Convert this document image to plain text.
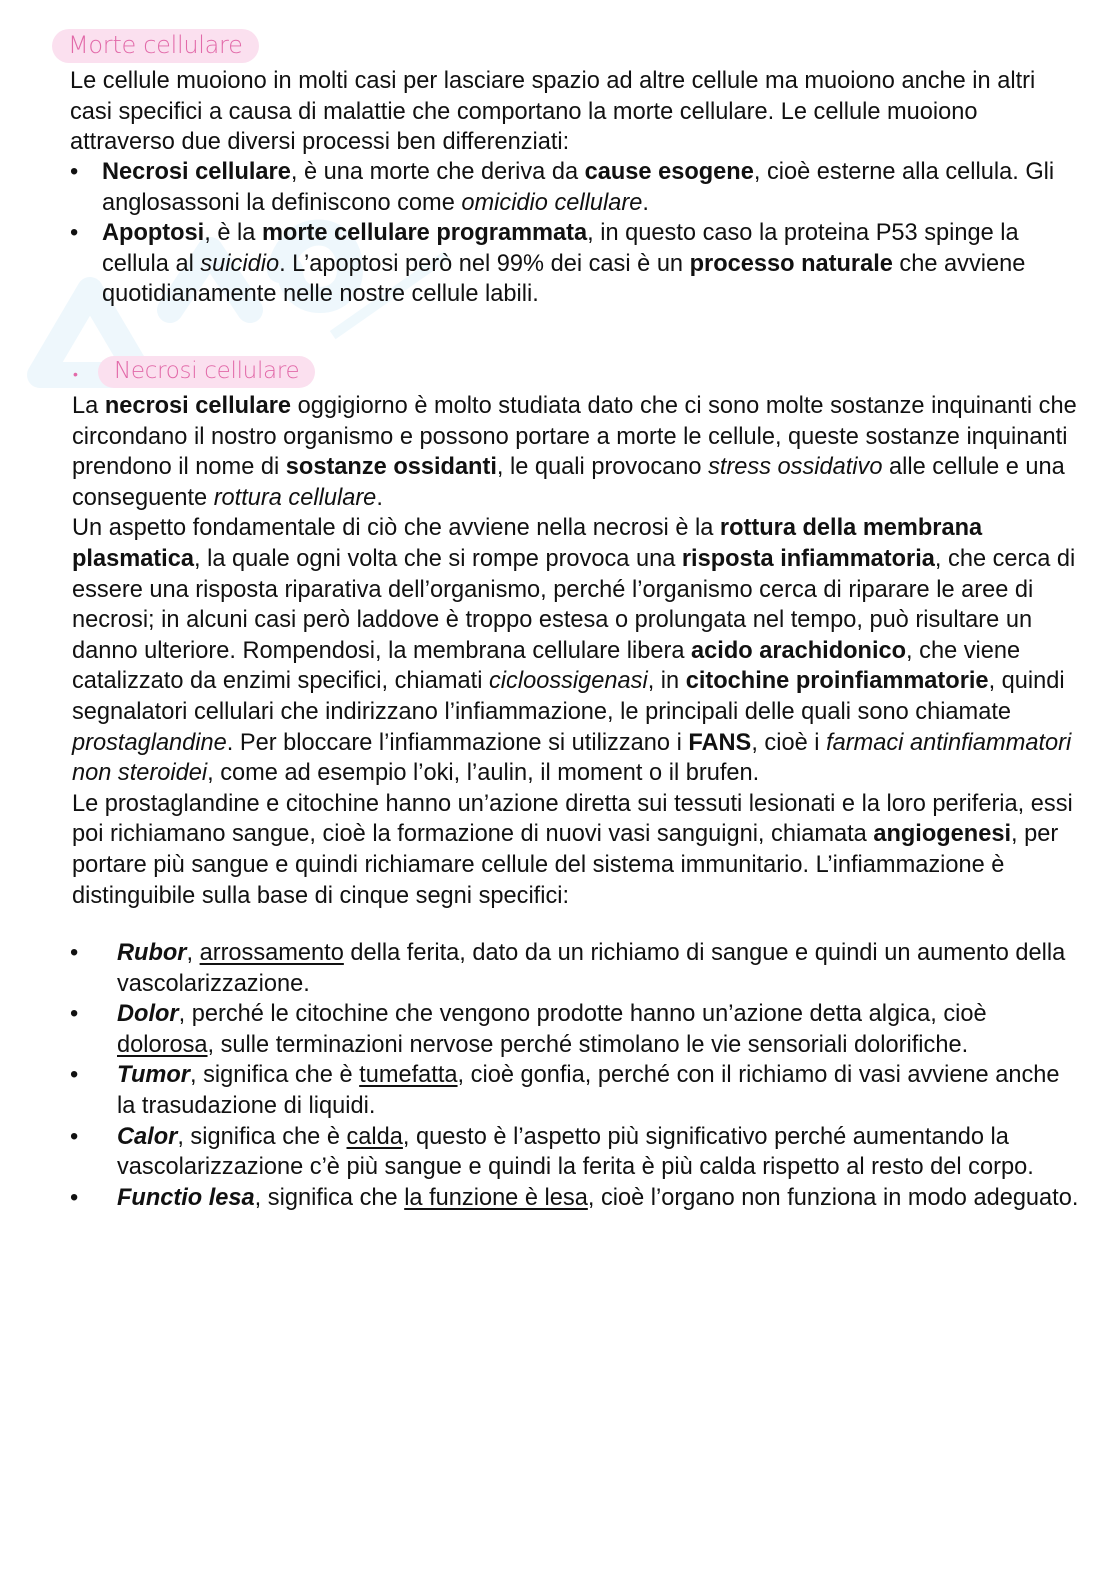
Morte cellulare

Le cellule muoiono in molti casi per lasciare spazio ad altre cellule ma muoiono anche in altri casi specifici a causa di malattie che comportano la morte cellulare. Le cellule muoiono attraverso due diversi processi ben differenziati:

• Necrosi cellulare, è una morte che deriva da cause esogene, cioè esterne alla cellula. Gli anglosassoni la definiscono come omicidio cellulare.
• Apoptosi, è la morte cellulare programmata, in questo caso la proteina P53 spinge la cellula al suicidio. L’apoptosi però nel 99% dei casi è un processo naturale che avviene quotidianamente nelle nostre cellule labili.
•	Necrosi cellulare

La necrosi cellulare oggigiorno è molto studiata dato che ci sono molte sostanze inquinanti che circondano il nostro organismo e possono portare a morte le cellule, queste sostanze inquinanti prendono il nome di sostanze ossidanti, le quali provocano stress ossidativo alle cellule e una conseguente rottura cellulare.
Un aspetto fondamentale di ciò che avviene nella necrosi è la rottura della membrana plasmatica, la quale ogni volta che si rompe provoca una risposta infiammatoria, che cerca di essere una risposta riparativa dell’organismo, perché l’organismo cerca di riparare le aree di necrosi; in alcuni casi però laddove è troppo estesa o prolungata nel tempo, può risultare un danno ulteriore. Rompendosi, la membrana cellulare libera acido arachidonico, che viene catalizzato da enzimi specifici, chiamati cicloossigenasi, in citochine proinfiammatorie, quindi segnalatori cellulari che indirizzano l’infiammazione, le principali delle quali sono chiamate prostaglandine. Per bloccare l’infiammazione si utilizzano i FANS, cioè i farmaci antinfiammatori non steroidei, come ad esempio l’oki, l’aulin, il moment o il brufen.
Le prostaglandine e citochine hanno un’azione diretta sui tessuti lesionati e la loro periferia, essi poi richiamano sangue, cioè la formazione di nuovi vasi sanguigni, chiamata angiogenesi, per portare più sangue e quindi richiamare cellule del sistema immunitario. L’infiammazione è distinguibile sulla base di cinque segni specifici:

• Rubor, arrossamento della ferita, dato da un richiamo di sangue e quindi un aumento della vascolarizzazione.
• Dolor, perché le citochine che vengono prodotte hanno un’azione detta algica, cioè dolorosa, sulle terminazioni nervose perché stimolano le vie sensoriali dolorifiche.
• Tumor, significa che è tumefatta, cioè gonfia, perché con il richiamo di vasi avviene anche la trasudazione di liquidi.
• Calor, significa che è calda, questo è l’aspetto più significativo perché aumentando la vascolarizzazione c’è più sangue e quindi la ferita è più calda rispetto al resto del corpo.
• Functio lesa, significa che la funzione è lesa, cioè l’organo non funziona in modo adeguato.
